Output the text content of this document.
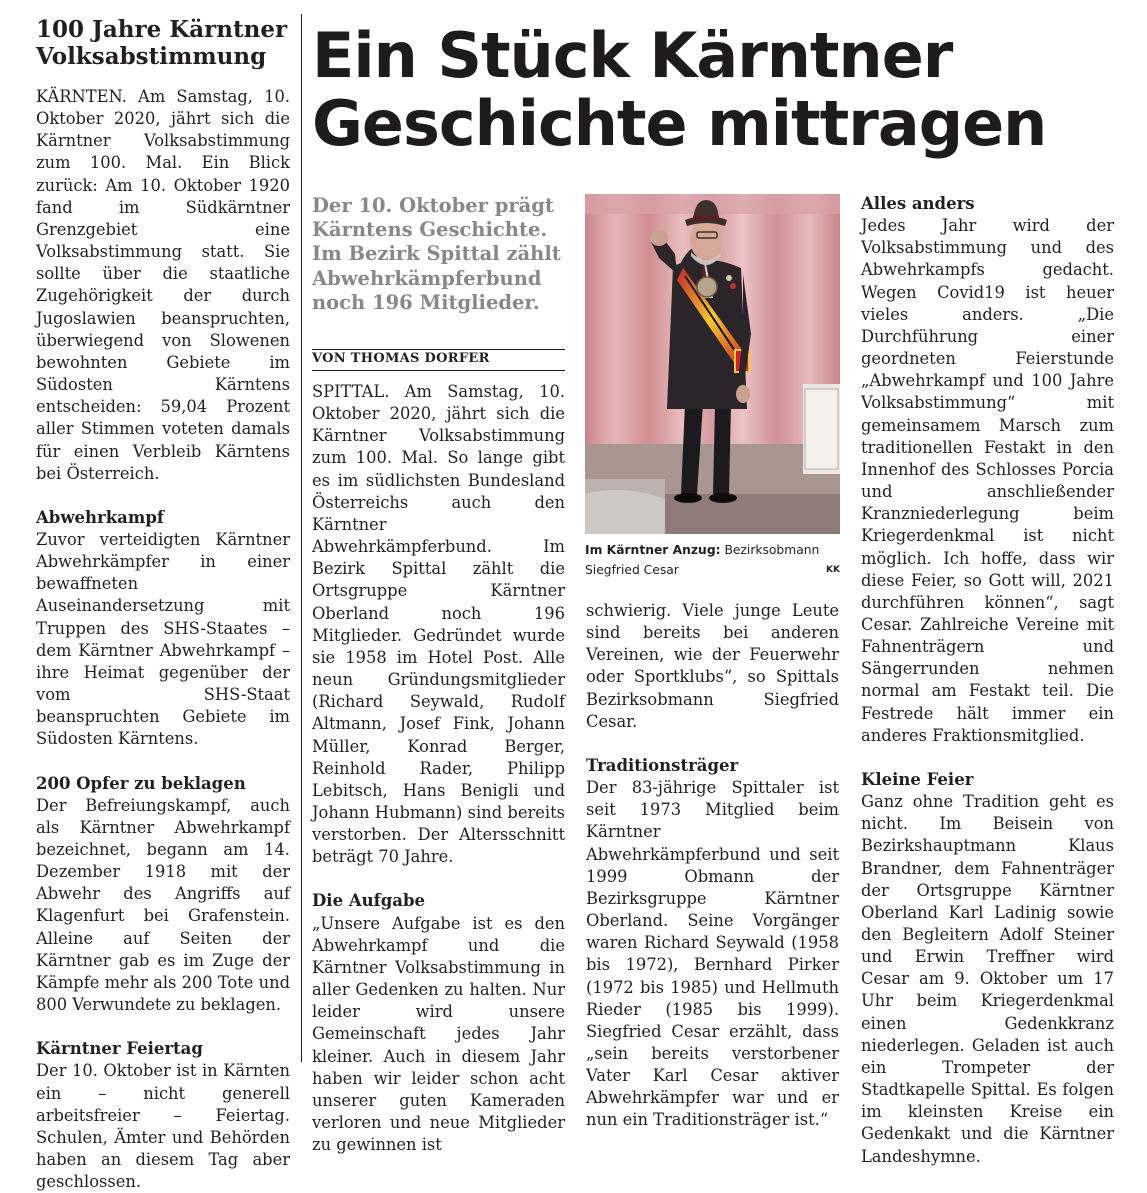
100 Jahre Kärntner
Volksabstimmung

KÄRNTEN. Am Samstag, 10. Oktober 2020, jährt sich die Kärntner Volksabstimmung zum 100. Mal. Ein Blick zurück: Am 10. Oktober 1920 fand im Südkärntner Grenzgebiet eine Volksabstimmung statt. Sie sollte über die staatliche Zugehörigkeit der durch Jugoslawien beanspruchten, überwiegend von Slowenen bewohnten Gebiete im Südosten Kärntens entscheiden: 59,04 Prozent aller Stimmen voteten damals für einen Verbleib Kärntens bei Österreich.

Abwehrkampf

Zuvor verteidigten Kärntner Abwehrkämpfer in einer bewaffneten Auseinandersetzung mit Truppen des SHS-Staates – dem Kärntner Abwehrkampf – ihre Heimat gegenüber der vom SHS-Staat beanspruchten Gebiete im Südosten Kärntens.

200 Opfer zu beklagen

Der Befreiungskampf, auch als Kärntner Abwehrkampf bezeichnet, begann am 14. Dezember 1918 mit der Abwehr des Angriffs auf Klagenfurt bei Grafenstein. Alleine auf Seiten der Kärntner gab es im Zuge der Kämpfe mehr als 200 Tote und 800 Verwundete zu beklagen.

Kärntner Feiertag

Der 10. Oktober ist in Kärnten ein – nicht generell arbeitsfreier – Feiertag. Schulen, Ämter und Behörden haben an diesem Tag aber geschlossen.

Ein Stück Kärntner
Geschichte mittragen
Der 10. Oktober prägt Kärntens Geschichte. Im Bezirk Spittal zählt Abwehrkämpferbund noch 196 Mitglieder.
VON THOMAS DORFER

SPITTAL. Am Samstag, 10. Oktober 2020, jährt sich die Kärntner Volksabstimmung zum 100. Mal. So lange gibt es im südlichsten Bundesland Österreichs auch den Kärntner Abwehrkämpferbund. Im Bezirk Spittal zählt die Ortsgruppe Kärntner Oberland noch 196 Mitglieder. Gedründet wurde sie 1958 im Hotel Post. Alle neun Gründungsmitglieder (Richard Seywald, Rudolf Altmann, Josef Fink, Johann Müller, Konrad Berger, Reinhold Rader, Philipp Lebitsch, Hans Benigli und Johann Hubmann) sind bereits verstorben. Der Altersschnitt beträgt 70 Jahre.

Die Aufgabe

„Unsere Aufgabe ist es den Abwehrkampf und die Kärntner Volksabstimmung in aller Gedenken zu halten. Nur leider wird unsere Gemeinschaft jedes Jahr kleiner. Auch in diesem Jahr haben wir leider schon acht unserer guten Kameraden verloren und neue Mitglieder zu gewinnen ist

Im Kärntner Anzug: Bezirksobmann Siegfried Cesar	KK

schwierig. Viele junge Leute sind bereits bei anderen Vereinen, wie der Feuerwehr oder Sportklubs“, so Spittals Bezirksobmann Siegfried Cesar.

Traditionsträger

Der 83-jährige Spittaler ist seit 1973 Mitglied beim Kärntner Abwehrkämpferbund und seit 1999 Obmann der Bezirksgruppe Kärntner Oberland. Seine Vorgänger waren Richard Seywald (1958 bis 1972), Bernhard Pirker (1972 bis 1985) und Hellmuth Rieder (1985 bis 1999). Siegfried Cesar erzählt, dass „sein bereits verstorbener Vater Karl Cesar aktiver Abwehrkämpfer war und er nun ein Traditionsträger ist.“

Alles anders

Jedes Jahr wird der Volksabstimmung und des Abwehrkampfs gedacht. Wegen Covid19 ist heuer vieles anders. „Die Durchführung einer geordneten Feierstunde „Abwehrkampf und 100 Jahre Volksabstimmung“ mit gemeinsamem Marsch zum traditionellen Festakt in den Innenhof des Schlosses Porcia und anschließender Kranzniederlegung beim Kriegerdenkmal ist nicht möglich. Ich hoffe, dass wir diese Feier, so Gott will, 2021 durchführen können“, sagt Cesar. Zahlreiche Vereine mit Fahnenträgern und Sängerrunden nehmen normal am Festakt teil. Die Festrede hält immer ein anderes Fraktionsmitglied.

Kleine Feier

Ganz ohne Tradition geht es nicht. Im Beisein von Bezirkshauptmann Klaus Brandner, dem Fahnenträger der Ortsgruppe Kärntner Oberland Karl Ladinig sowie den Begleitern Adolf Steiner und Erwin Treffner wird Cesar am 9. Oktober um 17 Uhr beim Kriegerdenkmal einen Gedenkkranz niederlegen. Geladen ist auch ein Trompeter der Stadtkapelle Spittal. Es folgen im kleinsten Kreise ein Gedenkakt und die Kärntner Landeshymne.
